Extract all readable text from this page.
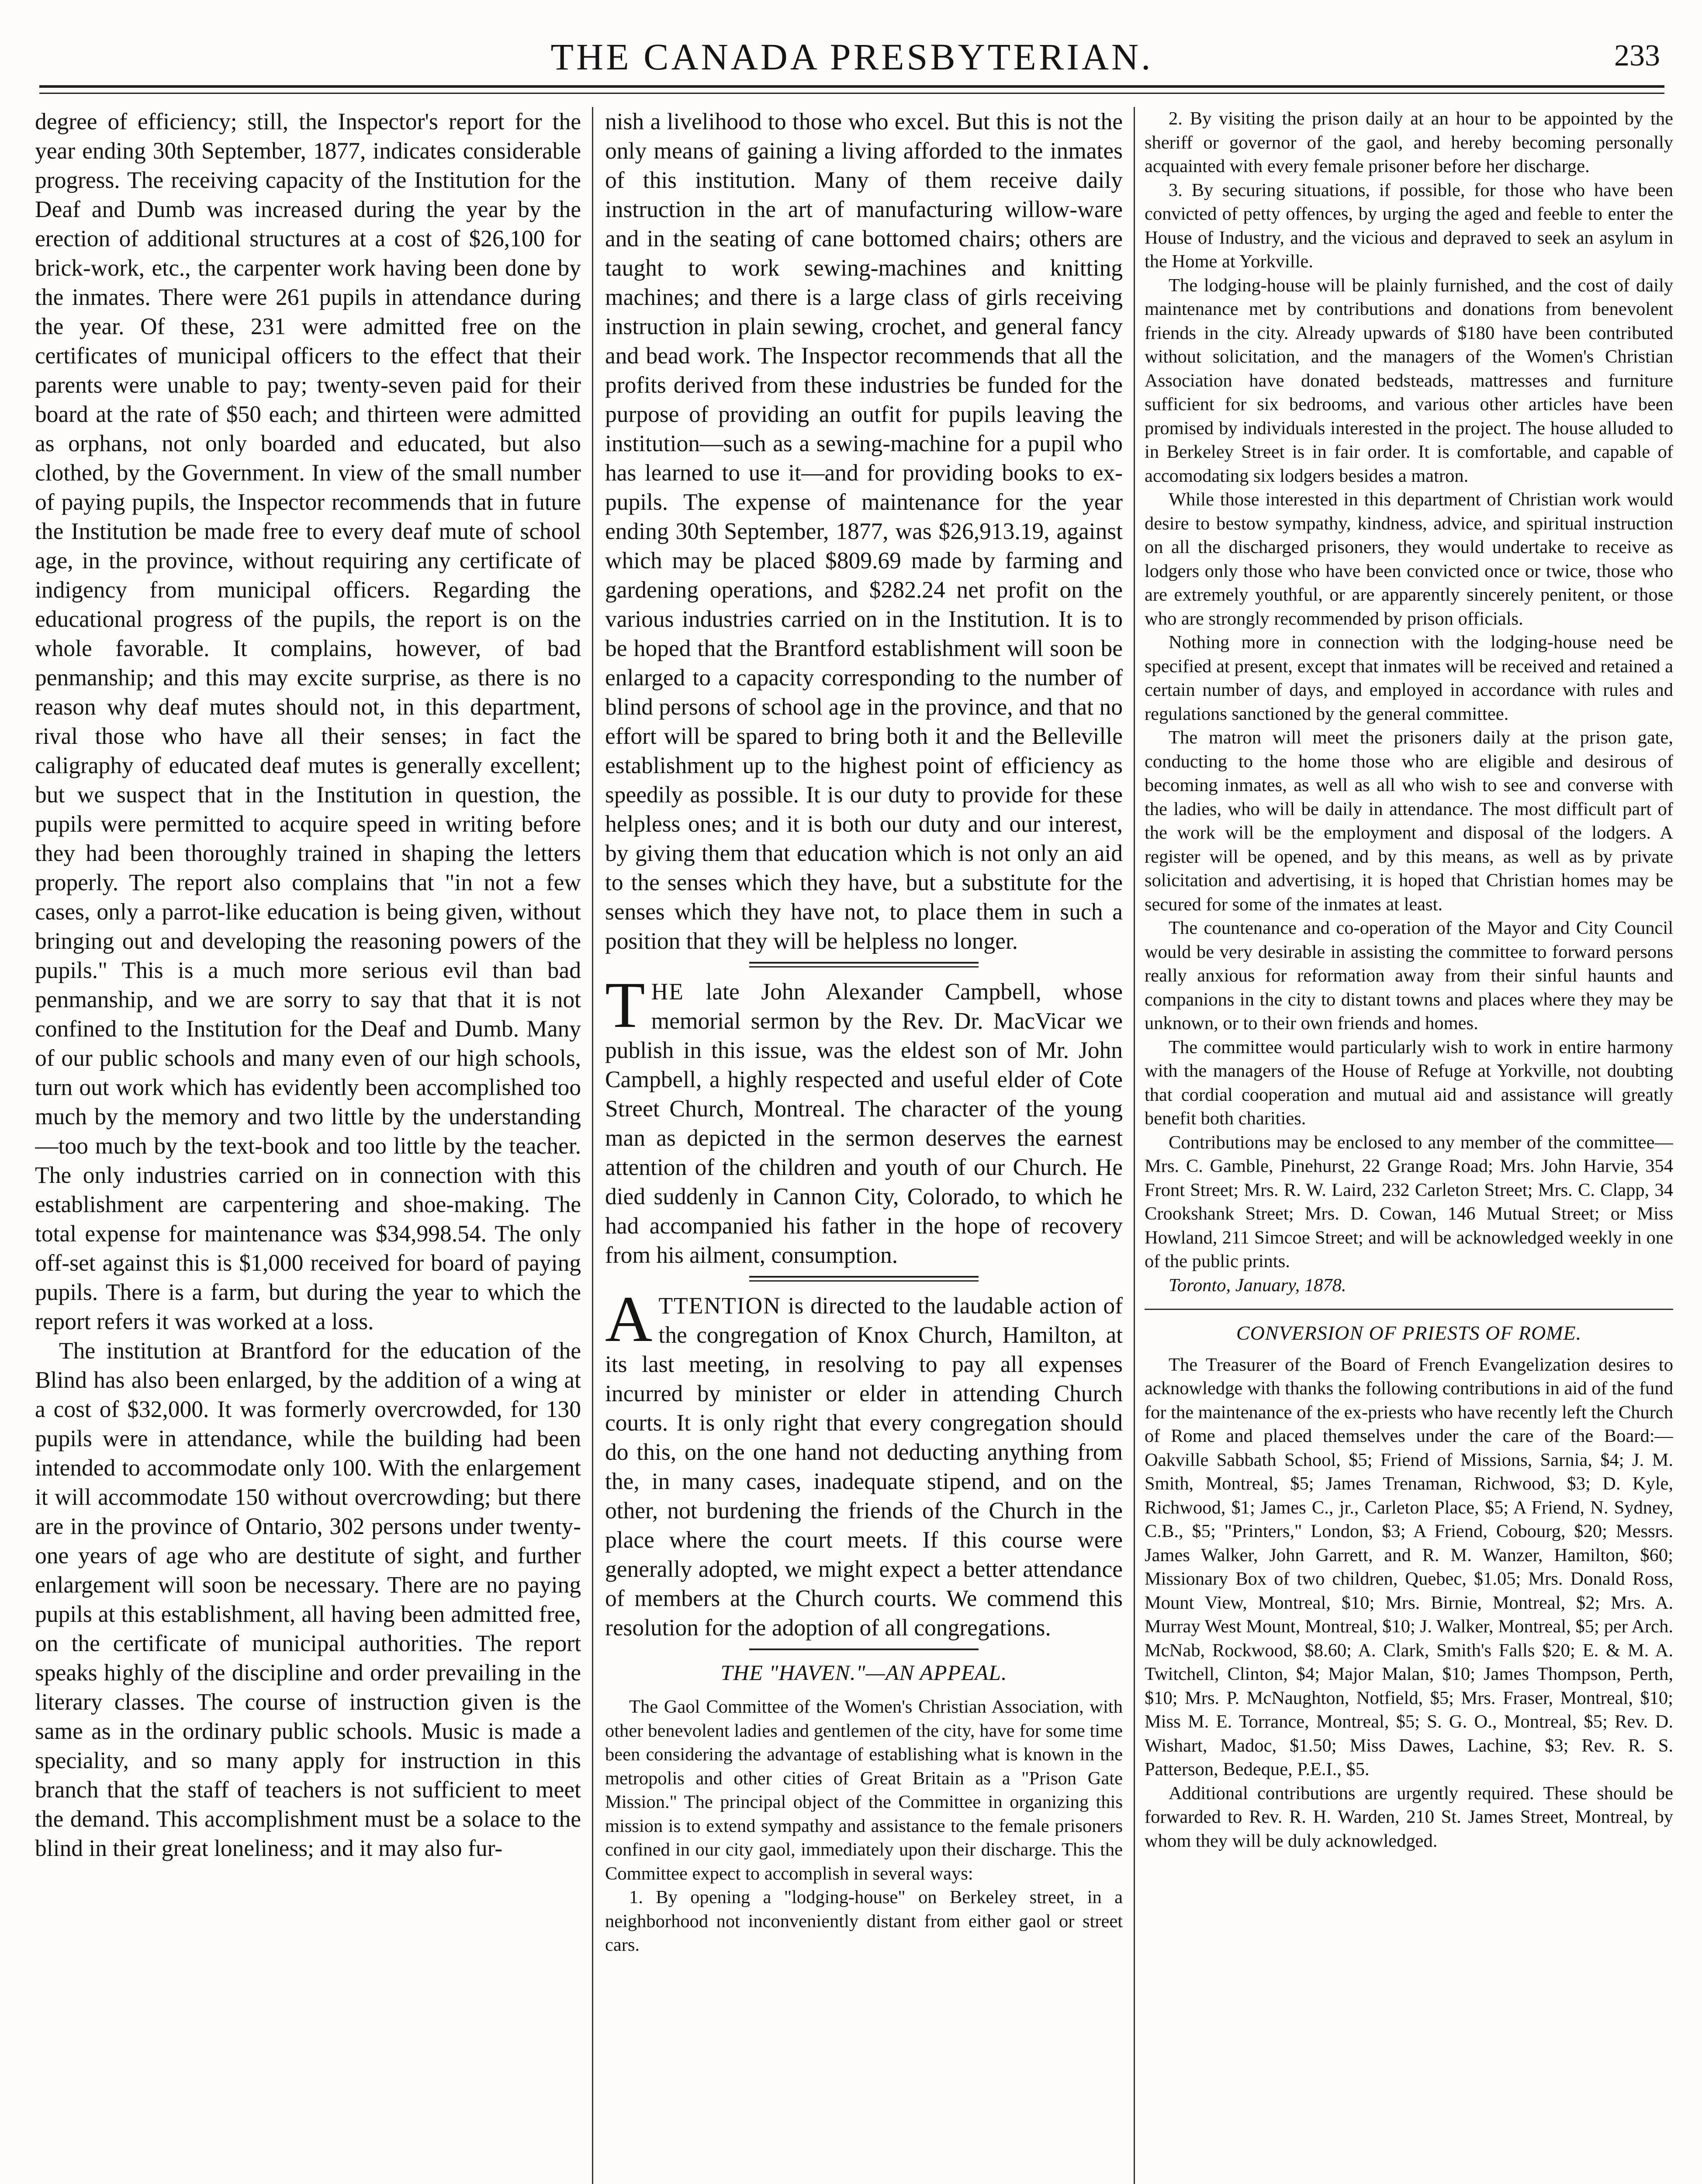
THE CANADA PRESBYTERIAN.	233

degree of efficiency; still, the Inspector's report for the year ending 30th September, 1877, indicates considerable progress. The receiving capacity of the Institution for the Deaf and Dumb was increased during the year by the erection of additional structures at a cost of $26,100 for brick-work, etc., the carpenter work having been done by the inmates. There were 261 pupils in attendance during the year. Of these, 231 were admitted free on the certificates of municipal officers to the effect that their parents were unable to pay; twenty-seven paid for their board at the rate of $50 each; and thirteen were admitted as orphans, not only boarded and educated, but also clothed, by the Government. In view of the small number of paying pupils, the Inspector recommends that in future the Institution be made free to every deaf mute of school age, in the province, without requiring any certificate of indigency from municipal officers. Regarding the educational progress of the pupils, the report is on the whole favorable. It complains, however, of bad penmanship; and this may excite surprise, as there is no reason why deaf mutes should not, in this department, rival those who have all their senses; in fact the caligraphy of educated deaf mutes is generally excellent; but we suspect that in the Institution in question, the pupils were permitted to acquire speed in writing before they had been thoroughly trained in shaping the letters properly. The report also complains that "in not a few cases, only a parrot-like education is being given, without bringing out and developing the reasoning powers of the pupils." This is a much more serious evil than bad penmanship, and we are sorry to say that that it is not confined to the Institution for the Deaf and Dumb. Many of our public schools and many even of our high schools, turn out work which has evidently been accomplished too much by the memory and two little by the understanding —too much by the text-book and too little by the teacher. The only industries carried on in connection with this establishment are carpentering and shoe-making. The total expense for maintenance was $34,998.54. The only off-set against this is $1,000 received for board of paying pupils. There is a farm, but during the year to which the report refers it was worked at a loss.

The institution at Brantford for the education of the Blind has also been enlarged, by the addition of a wing at a cost of $32,000. It was formerly overcrowded, for 130 pupils were in attendance, while the building had been intended to accommodate only 100. With the enlargement it will accommodate 150 without overcrowding; but there are in the province of Ontario, 302 persons under twenty-one years of age who are destitute of sight, and further enlargement will soon be necessary. There are no paying pupils at this establishment, all having been admitted free, on the certificate of municipal authorities. The report speaks highly of the discipline and order prevailing in the literary classes. The course of instruction given is the same as in the ordinary public schools. Music is made a speciality, and so many apply for instruction in this branch that the staff of teachers is not sufficient to meet the demand. This accomplishment must be a solace to the blind in their great loneliness; and it may also fur-

nish a livelihood to those who excel. But this is not the only means of gaining a living afforded to the inmates of this institution. Many of them receive daily instruction in the art of manufacturing willow-ware and in the seating of cane bottomed chairs; others are taught to work sewing-machines and knitting machines; and there is a large class of girls receiving instruction in plain sewing, crochet, and general fancy and bead work. The Inspector recommends that all the profits derived from these industries be funded for the purpose of providing an outfit for pupils leaving the institution—such as a sewing-machine for a pupil who has learned to use it—and for providing books to ex-pupils. The expense of maintenance for the year ending 30th September, 1877, was $26,913.19, against which may be placed $809.69 made by farming and gardening operations, and $282.24 net profit on the various industries carried on in the Institution. It is to be hoped that the Brantford establishment will soon be enlarged to a capacity corresponding to the number of blind persons of school age in the province, and that no effort will be spared to bring both it and the Belleville establishment up to the highest point of efficiency as speedily as possible. It is our duty to provide for these helpless ones; and it is both our duty and our interest, by giving them that education which is not only an aid to the senses which they have, but a substitute for the senses which they have not, to place them in such a position that they will be helpless no longer.

THE late John Alexander Campbell, whose memorial sermon by the Rev. Dr. MacVicar we publish in this issue, was the eldest son of Mr. John Campbell, a highly respected and useful elder of Cote Street Church, Montreal. The character of the young man as depicted in the sermon deserves the earnest attention of the children and youth of our Church. He died suddenly in Cannon City, Colorado, to which he had accompanied his father in the hope of recovery from his ailment, consumption.

ATTENTION is directed to the laudable action of the congregation of Knox Church, Hamilton, at its last meeting, in resolving to pay all expenses incurred by minister or elder in attending Church courts. It is only right that every congregation should do this, on the one hand not deducting anything from the, in many cases, inadequate stipend, and on the other, not burdening the friends of the Church in the place where the court meets. If this course were generally adopted, we might expect a better attendance of members at the Church courts. We commend this resolution for the adoption of all congregations.

THE "HAVEN."—AN APPEAL.

The Gaol Committee of the Women's Christian Association, with other benevolent ladies and gentlemen of the city, have for some time been considering the advantage of establishing what is known in the metropolis and other cities of Great Britain as a "Prison Gate Mission." The principal object of the Committee in organizing this mission is to extend sympathy and assistance to the female prisoners confined in our city gaol, immediately upon their discharge. This the Committee expect to accomplish in several ways:

1. By opening a "lodging-house" on Berkeley street, in a neighborhood not inconveniently distant from either gaol or street cars.

2. By visiting the prison daily at an hour to be appointed by the sheriff or governor of the gaol, and hereby becoming personally acquainted with every female prisoner before her discharge.

3. By securing situations, if possible, for those who have been convicted of petty offences, by urging the aged and feeble to enter the House of Industry, and the vicious and depraved to seek an asylum in the Home at Yorkville.

The lodging-house will be plainly furnished, and the cost of daily maintenance met by contributions and donations from benevolent friends in the city. Already upwards of $180 have been contributed without solicitation, and the managers of the Women's Christian Association have donated bedsteads, mattresses and furniture sufficient for six bedrooms, and various other articles have been promised by individuals interested in the project. The house alluded to in Berkeley Street is in fair order. It is comfortable, and capable of accomodating six lodgers besides a matron.

While those interested in this department of Christian work would desire to bestow sympathy, kindness, advice, and spiritual instruction on all the discharged prisoners, they would undertake to receive as lodgers only those who have been convicted once or twice, those who are extremely youthful, or are apparently sincerely penitent, or those who are strongly recommended by prison officials.

Nothing more in connection with the lodging-house need be specified at present, except that inmates will be received and retained a certain number of days, and employed in accordance with rules and regulations sanctioned by the general committee.

The matron will meet the prisoners daily at the prison gate, conducting to the home those who are eligible and desirous of becoming inmates, as well as all who wish to see and converse with the ladies, who will be daily in attendance. The most difficult part of the work will be the employment and disposal of the lodgers. A register will be opened, and by this means, as well as by private solicitation and advertising, it is hoped that Christian homes may be secured for some of the inmates at least.

The countenance and co-operation of the Mayor and City Council would be very desirable in assisting the committee to forward persons really anxious for reformation away from their sinful haunts and companions in the city to distant towns and places where they may be unknown, or to their own friends and homes.

The committee would particularly wish to work in entire harmony with the managers of the House of Refuge at Yorkville, not doubting that cordial cooperation and mutual aid and assistance will greatly benefit both charities.

Contributions may be enclosed to any member of the committee—Mrs. C. Gamble, Pinehurst, 22 Grange Road; Mrs. John Harvie, 354 Front Street; Mrs. R. W. Laird, 232 Carleton Street; Mrs. C. Clapp, 34 Crookshank Street; Mrs. D. Cowan, 146 Mutual Street; or Miss Howland, 211 Simcoe Street; and will be acknowledged weekly in one of the public prints.

Toronto, January, 1878.

CONVERSION OF PRIESTS OF ROME.

The Treasurer of the Board of French Evangelization desires to acknowledge with thanks the following contributions in aid of the fund for the maintenance of the ex-priests who have recently left the Church of Rome and placed themselves under the care of the Board:—Oakville Sabbath School, $5; Friend of Missions, Sarnia, $4; J. M. Smith, Montreal, $5; James Trenaman, Richwood, $3; D. Kyle, Richwood, $1; James C., jr., Carleton Place, $5; A Friend, N. Sydney, C.B., $5; "Printers," London, $3; A Friend, Cobourg, $20; Messrs. James Walker, John Garrett, and R. M. Wanzer, Hamilton, $60; Missionary Box of two children, Quebec, $1.05; Mrs. Donald Ross, Mount View, Montreal, $10; Mrs. Birnie, Montreal, $2; Mrs. A. Murray West Mount, Montreal, $10; J. Walker, Montreal, $5; per Arch. McNab, Rockwood, $8.60; A. Clark, Smith's Falls $20; E. & M. A. Twitchell, Clinton, $4; Major Malan, $10; James Thompson, Perth, $10; Mrs. P. McNaughton, Notfield, $5; Mrs. Fraser, Montreal, $10; Miss M. E. Torrance, Montreal, $5; S. G. O., Montreal, $5; Rev. D. Wishart, Madoc, $1.50; Miss Dawes, Lachine, $3; Rev. R. S. Patterson, Bedeque, P.E.I., $5.

Additional contributions are urgently required. These should be forwarded to Rev. R. H. Warden, 210 St. James Street, Montreal, by whom they will be duly acknowledged.
